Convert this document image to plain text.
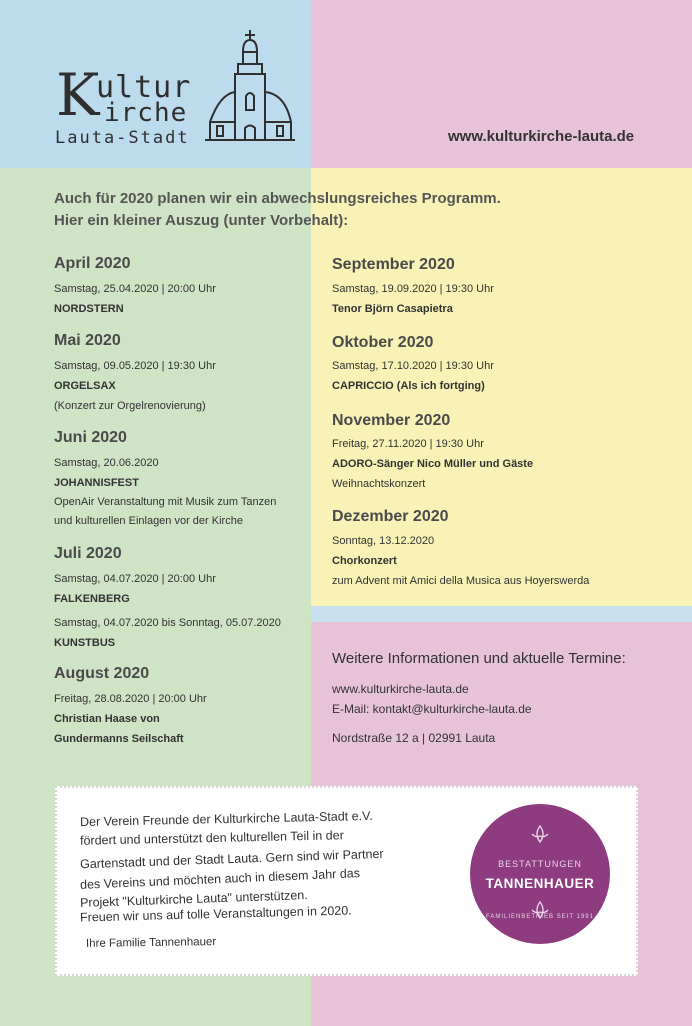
K
ultur
irche
Lauta-Stadt	www.kulturkirche-lauta.de
Auch für 2020 planen wir ein abwechslungsreiches Programm.
Hier ein kleiner Auszug (unter Vorbehalt):
April 2020
Samstag, 25.04.2020 | 20:00 Uhr
NORDSTERN
Mai 2020
Samstag, 09.05.2020 | 19:30 Uhr
ORGELSAX
(Konzert zur Orgelrenovierung)
Juni 2020
Samstag, 20.06.2020
JOHANNISFEST
OpenAir Veranstaltung mit Musik zum Tanzen
und kulturellen Einlagen vor der Kirche
Juli 2020
Samstag, 04.07.2020 | 20:00 Uhr
FALKENBERG
Samstag, 04.07.2020 bis Sonntag, 05.07.2020
KUNSTBUS
August 2020
Freitag, 28.08.2020 | 20:00 Uhr
Christian Haase von
Gundermanns Seilschaft
September 2020
Samstag, 19.09.2020 | 19:30 Uhr
Tenor Björn Casapietra
Oktober 2020
Samstag, 17.10.2020 | 19:30 Uhr
CAPRICCIO (Als ich fortging)
November 2020
Freitag, 27.11.2020 | 19:30 Uhr
ADORO-Sänger Nico Müller und Gäste
Weihnachtskonzert
Dezember 2020
Sonntag, 13.12.2020
Chorkonzert
zum Advent mit Amici della Musica aus Hoyerswerda
Weitere Informationen und aktuelle Termine:
www.kulturkirche-lauta.de
E-Mail: kontakt@kulturkirche-lauta.de
Nordstraße 12 a | 02991 Lauta
Der Verein Freunde der Kulturkirche Lauta-Stadt e.V.
fördert und unterstützt den kulturellen Teil in der
Gartenstadt und der Stadt Lauta. Gern sind wir Partner
des Vereins und möchten auch in diesem Jahr das
Projekt "Kulturkirche Lauta" unterstützen.
Freuen wir uns auf tolle Veranstaltungen in 2020.
Ihre Familie Tannenhauer
BESTATTUNGEN
TANNENHAUER
FAMILIENBETRIEB SEIT 1991
